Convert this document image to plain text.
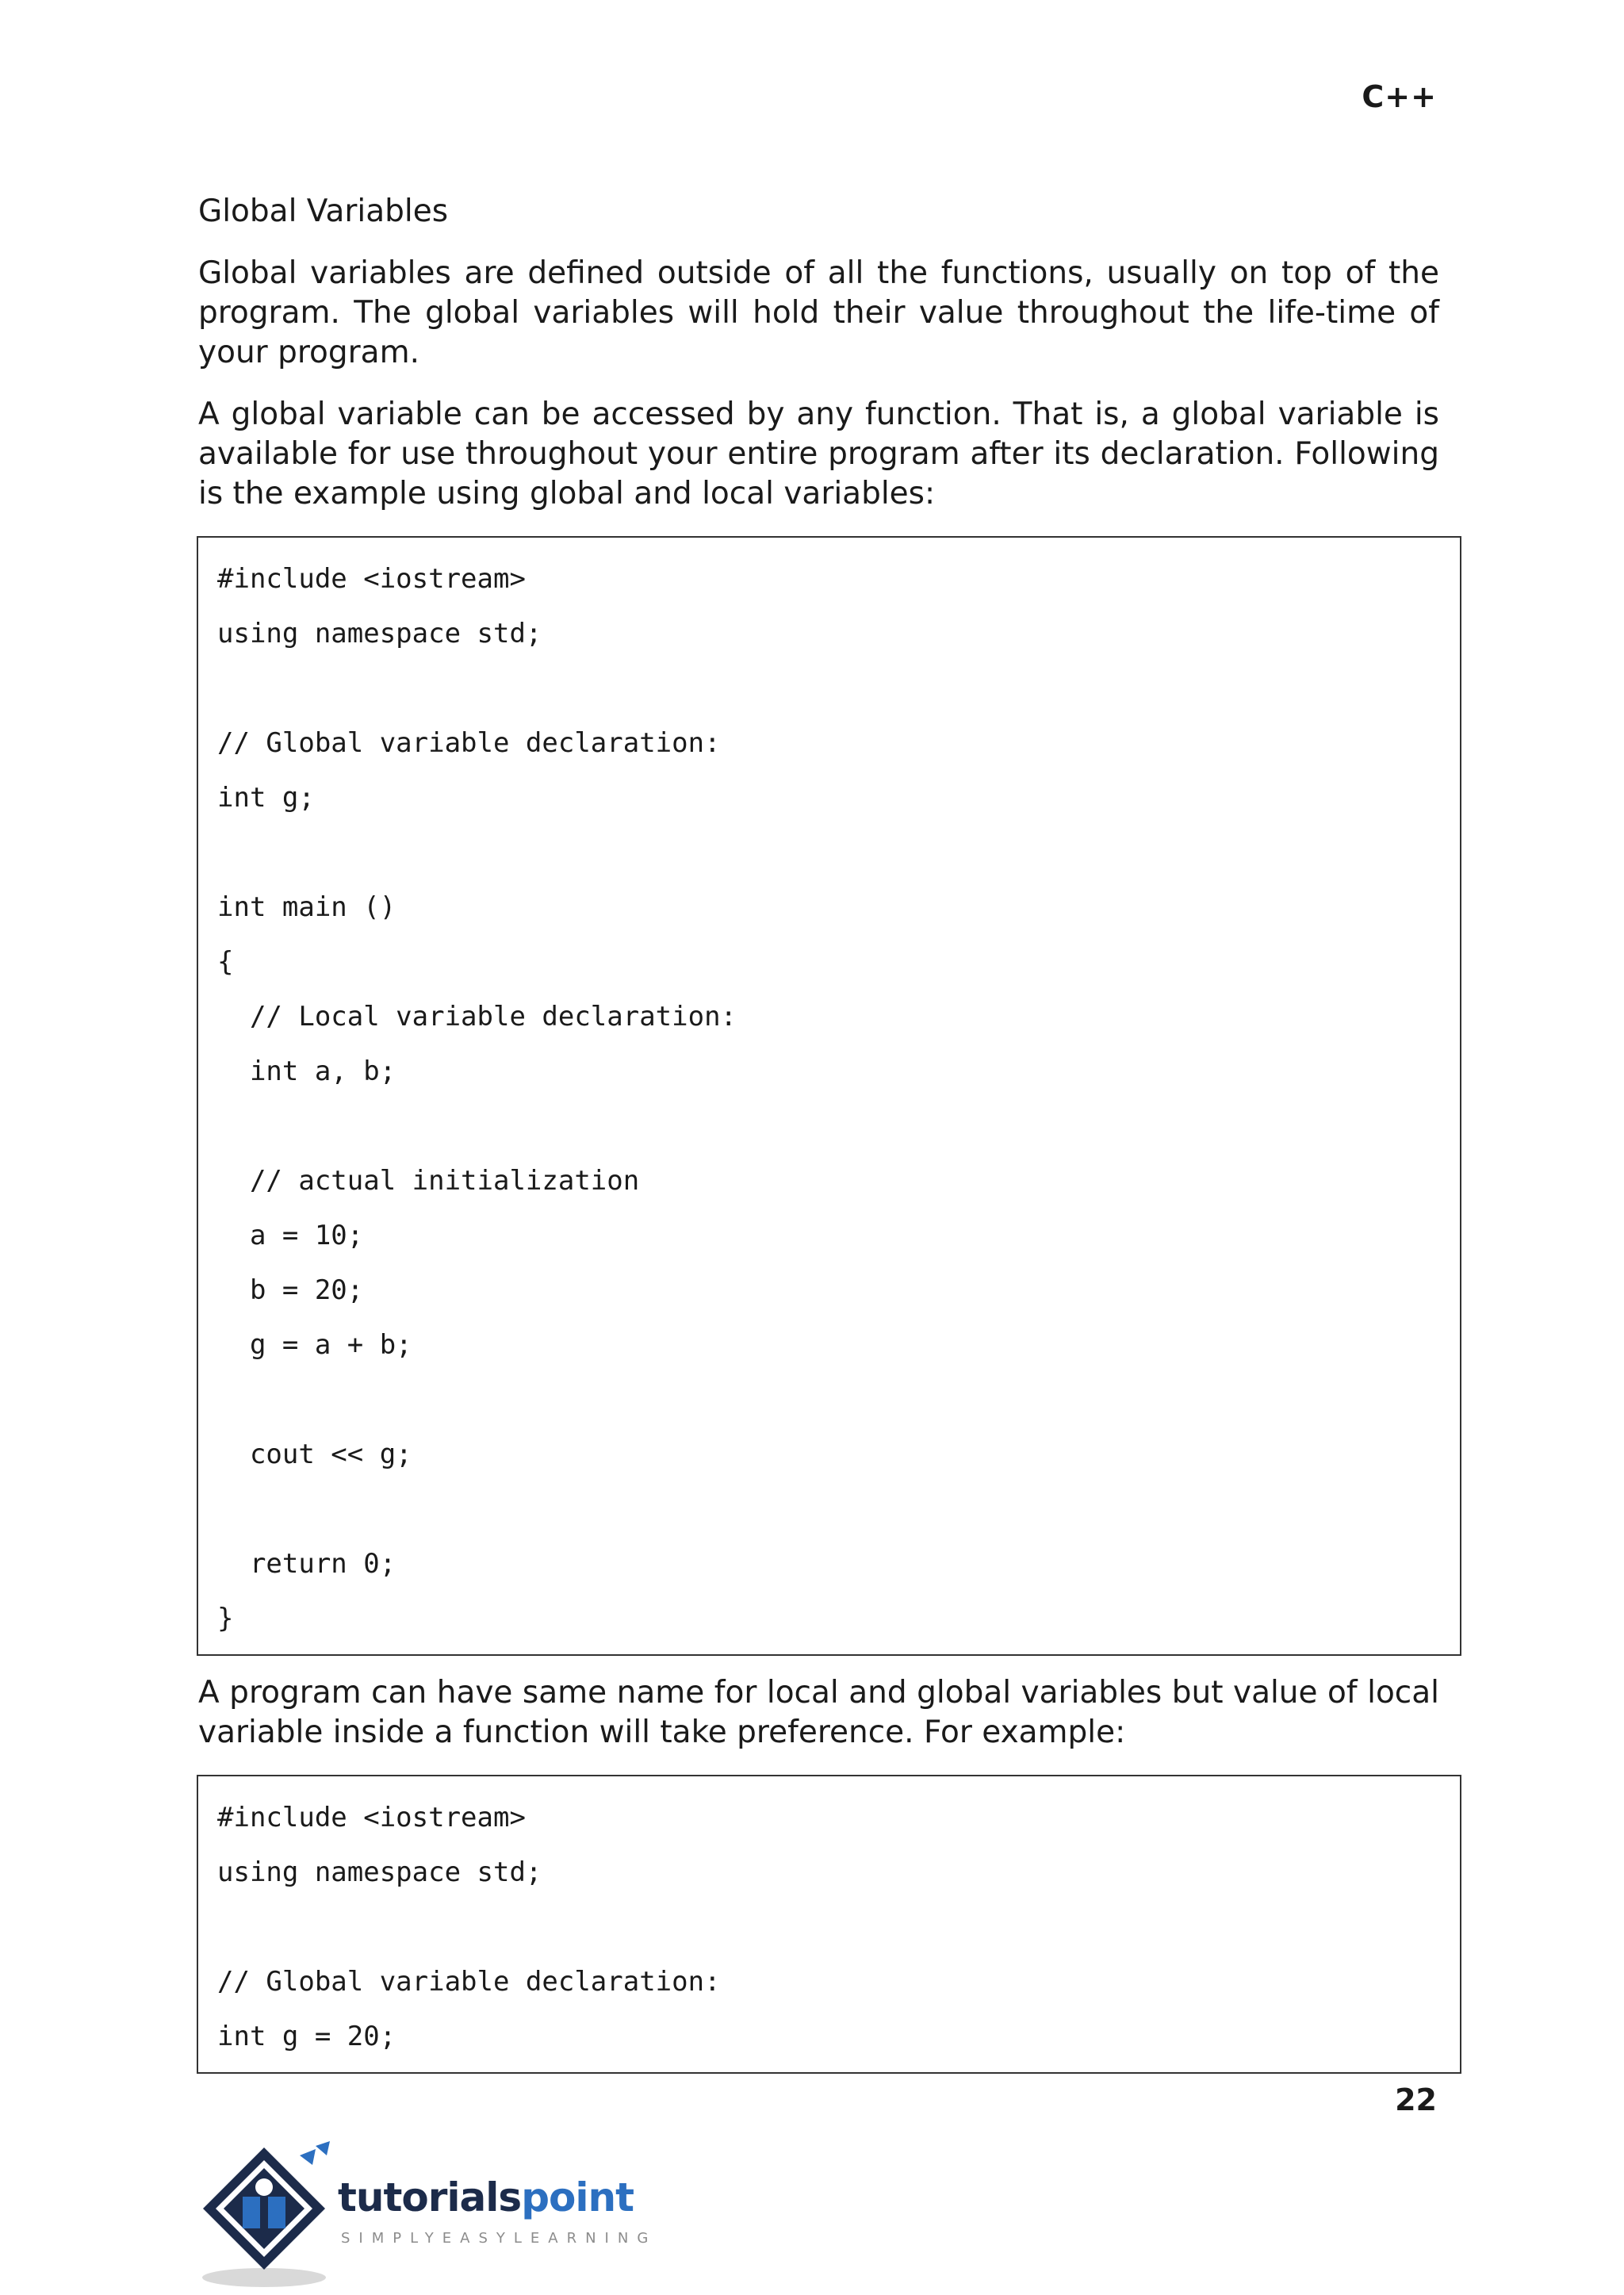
C++
Global Variables

Global variables are defined outside of all the functions, usually on top of the program. The global variables will hold their value throughout the life-time of your program.

A global variable can be accessed by any function. That is, a global variable is available for use throughout your entire program after its declaration. Following is the example using global and local variables:

#include <iostream>
using namespace std;
// Global variable declaration:
int g;
int main ()
{
// Local variable declaration:
int a, b;
// actual initialization
a = 10;
b = 20;
g = a + b;
cout << g;
return 0;
}

A program can have same name for local and global variables but value of local variable inside a function will take preference. For example:

#include <iostream>
using namespace std;
// Global variable declaration:
int g = 20;
22
tutorialspoint
SIMPLYEASYLEARNING
